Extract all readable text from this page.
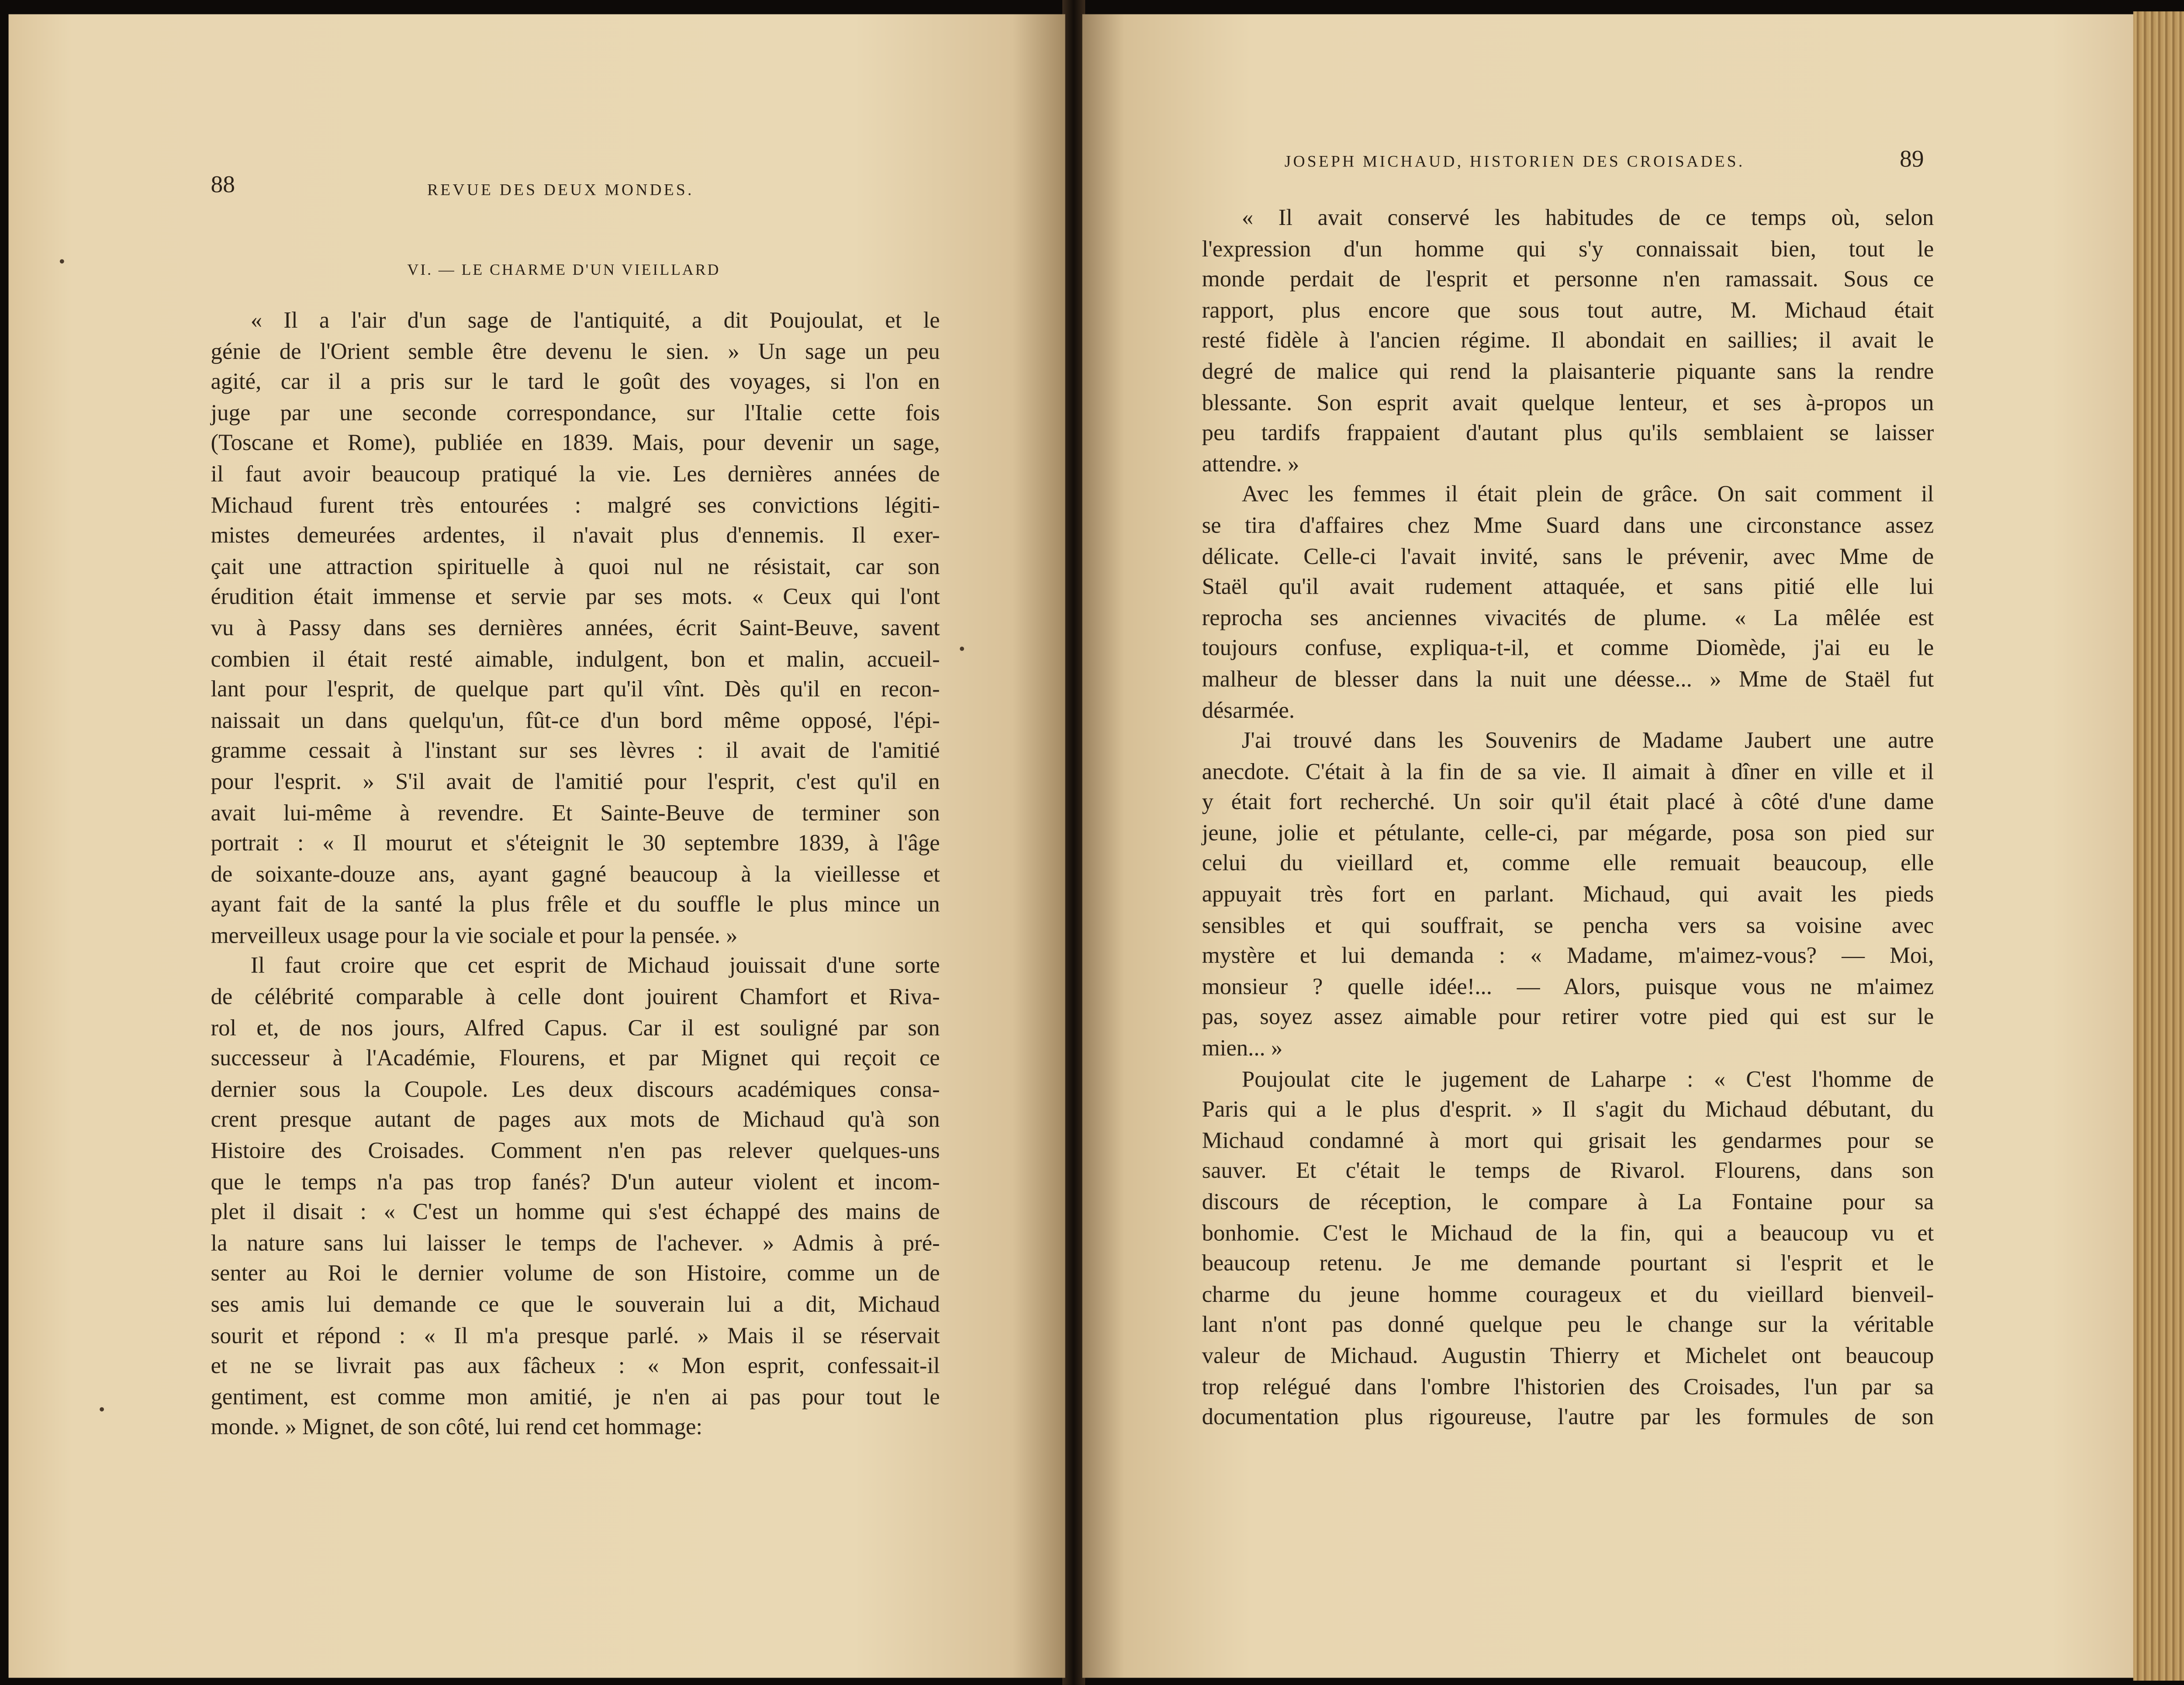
88	REVUE DES DEUX MONDES.
VI. — LE CHARME D'UN VIEILLARD
« Il a l'air d'un sage de l'antiquité, a dit Poujoulat, et le
génie de l'Orient semble être devenu le sien. » Un sage un peu
agité, car il a pris sur le tard le goût des voyages, si l'on en
juge par une seconde correspondance, sur l'Italie cette fois
(Toscane et Rome), publiée en 1839. Mais, pour devenir un sage,
il faut avoir beaucoup pratiqué la vie. Les dernières années de
Michaud furent très entourées : malgré ses convictions légiti-
mistes demeurées ardentes, il n'avait plus d'ennemis. Il exer-
çait une attraction spirituelle à quoi nul ne résistait, car son
érudition était immense et servie par ses mots. « Ceux qui l'ont
vu à Passy dans ses dernières années, écrit Saint-Beuve, savent
combien il était resté aimable, indulgent, bon et malin, accueil-
lant pour l'esprit, de quelque part qu'il vînt. Dès qu'il en recon-
naissait un dans quelqu'un, fût-ce d'un bord même opposé, l'épi-
gramme cessait à l'instant sur ses lèvres : il avait de l'amitié
pour l'esprit. » S'il avait de l'amitié pour l'esprit, c'est qu'il en
avait lui-même à revendre. Et Sainte-Beuve de terminer son
portrait : « Il mourut et s'éteignit le 30 septembre 1839, à l'âge
de soixante-douze ans, ayant gagné beaucoup à la vieillesse et
ayant fait de la santé la plus frêle et du souffle le plus mince un
merveilleux usage pour la vie sociale et pour la pensée. »
Il faut croire que cet esprit de Michaud jouissait d'une sorte
de célébrité comparable à celle dont jouirent Chamfort et Riva-
rol et, de nos jours, Alfred Capus. Car il est souligné par son
successeur à l'Académie, Flourens, et par Mignet qui reçoit ce
dernier sous la Coupole. Les deux discours académiques consa-
crent presque autant de pages aux mots de Michaud qu'à son
Histoire des Croisades. Comment n'en pas relever quelques-uns
que le temps n'a pas trop fanés? D'un auteur violent et incom-
plet il disait : « C'est un homme qui s'est échappé des mains de
la nature sans lui laisser le temps de l'achever. » Admis à pré-
senter au Roi le dernier volume de son Histoire, comme un de
ses amis lui demande ce que le souverain lui a dit, Michaud
sourit et répond : « Il m'a presque parlé. » Mais il se réservait
et ne se livrait pas aux fâcheux : « Mon esprit, confessait-il
gentiment, est comme mon amitié, je n'en ai pas pour tout le
monde. » Mignet, de son côté, lui rend cet hommage:
JOSEPH MICHAUD, HISTORIEN DES CROISADES.	89
« Il avait conservé les habitudes de ce temps où, selon
l'expression d'un homme qui s'y connaissait bien, tout le
monde perdait de l'esprit et personne n'en ramassait. Sous ce
rapport, plus encore que sous tout autre, M. Michaud était
resté fidèle à l'ancien régime. Il abondait en saillies; il avait le
degré de malice qui rend la plaisanterie piquante sans la rendre
blessante. Son esprit avait quelque lenteur, et ses à-propos un
peu tardifs frappaient d'autant plus qu'ils semblaient se laisser
attendre. »
Avec les femmes il était plein de grâce. On sait comment il
se tira d'affaires chez Mme Suard dans une circonstance assez
délicate. Celle-ci l'avait invité, sans le prévenir, avec Mme de
Staël qu'il avait rudement attaquée, et sans pitié elle lui
reprocha ses anciennes vivacités de plume. « La mêlée est
toujours confuse, expliqua-t-il, et comme Diomède, j'ai eu le
malheur de blesser dans la nuit une déesse... » Mme de Staël fut
désarmée.
J'ai trouvé dans les Souvenirs de Madame Jaubert une autre
anecdote. C'était à la fin de sa vie. Il aimait à dîner en ville et il
y était fort recherché. Un soir qu'il était placé à côté d'une dame
jeune, jolie et pétulante, celle-ci, par mégarde, posa son pied sur
celui du vieillard et, comme elle remuait beaucoup, elle
appuyait très fort en parlant. Michaud, qui avait les pieds
sensibles et qui souffrait, se pencha vers sa voisine avec
mystère et lui demanda : « Madame, m'aimez-vous? — Moi,
monsieur ? quelle idée!... — Alors, puisque vous ne m'aimez
pas, soyez assez aimable pour retirer votre pied qui est sur le
mien... »
Poujoulat cite le jugement de Laharpe : « C'est l'homme de
Paris qui a le plus d'esprit. » Il s'agit du Michaud débutant, du
Michaud condamné à mort qui grisait les gendarmes pour se
sauver. Et c'était le temps de Rivarol. Flourens, dans son
discours de réception, le compare à La Fontaine pour sa
bonhomie. C'est le Michaud de la fin, qui a beaucoup vu et
beaucoup retenu. Je me demande pourtant si l'esprit et le
charme du jeune homme courageux et du vieillard bienveil-
lant n'ont pas donné quelque peu le change sur la véritable
valeur de Michaud. Augustin Thierry et Michelet ont beaucoup
trop relégué dans l'ombre l'historien des Croisades, l'un par sa
documentation plus rigoureuse, l'autre par les formules de son
